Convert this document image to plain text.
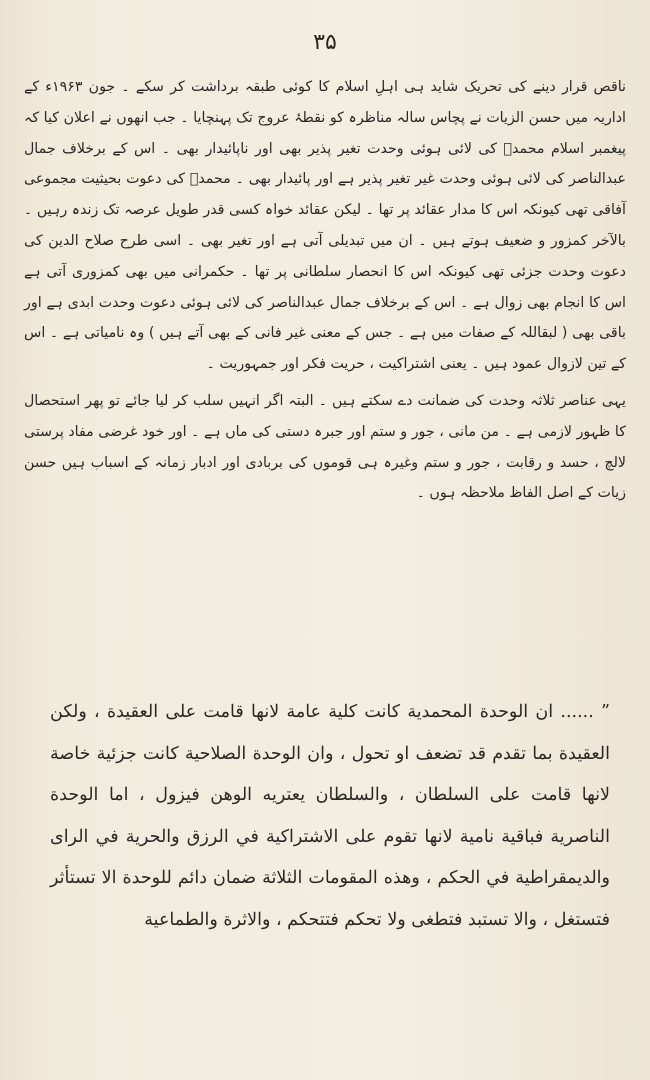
۳۵

ناقص قرار دینے کی تحریک شاید ہی اہلِ اسلام کا کوئی طبقہ برداشت کر سکے ۔ جون ۱۹۶۳ء کے اداریہ میں حسن الزیات نے پچاس سالہ مناظرہ کو نقطۂ عروج تک پہنچایا ۔ جب انھوں نے اعلان کیا کہ پیغمبر اسلام محمدؐ کی لائی ہوئی وحدت تغیر پذیر بھی اور ناپائیدار بھی ۔ اس کے برخلاف جمال عبدالناصر کی لائی ہوئی وحدت غیر تغیر پذیر ہے اور پائیدار بھی ۔ محمدؐ کی دعوت بحیثیت مجموعی آفاقی تھی کیونکہ اس کا مدار عقائد پر تھا ۔ لیکن عقائد خواہ کسی قدر طویل عرصہ تک زندہ رہیں ۔ بالآخر کمزور و ضعیف ہوتے ہیں ۔ ان میں تبدیلی آتی ہے اور تغیر بھی ۔ اسی طرح صلاح الدین کی دعوت وحدت جزئی تھی کیونکہ اس کا انحصار سلطانی پر تھا ۔ حکمرانی میں بھی کمزوری آتی ہے اس کا انجام بھی زوال ہے ۔ اس کے برخلاف جمال عبدالناصر کی لائی ہوئی دعوت وحدت ابدی ہے اور باقی بھی ( لبقاللہ کے صفات میں ہے ۔ جس کے معنی غیر فانی کے بھی آتے ہیں ) وہ نامیاتی ہے ۔ اس کے تین لازوال عمود ہیں ۔ یعنی اشتراکیت ، حریت فکر اور جمہوریت ۔

یہی عناصر ثلاثہ وحدت کی ضمانت دے سکتے ہیں ۔ البتہ اگر انہیں سلب کر لیا جائے تو پھر استحصال کا ظہور لازمی ہے ۔ من مانی ، جور و ستم اور جبرہ دستی کی ماں ہے ۔ اور خود غرضی مفاد پرستی لالچ ، حسد و رقابت ، جور و ستم وغیرہ ہی قوموں کی بربادی اور ادبار زمانہ کے اسباب ہیں حسن زیات کے اصل الفاظ ملاحظہ ہوں ۔

” ...... ان الوحدة المحمدية كانت كلية عامة لانها قامت على العقيدة ، ولكن العقيدة بما تقدم قد تضعف او تحول ، وان الوحدة الصلاحية كانت جزئية خاصة لانها قامت على السلطان ، والسلطان يعتريه الوهن فيزول ، اما الوحدة الناصرية فباقية نامية لانها تقوم على الاشتراكية في الرزق والحرية في الراى والديمقراطية في الحكم ، وهذه المقومات الثلاثة ضمان دائم للوحدة الا تستأثر فتستغل ، والا تستبد فتطغى ولا تحكم فتتحكم ، والاثرة والطماعية
